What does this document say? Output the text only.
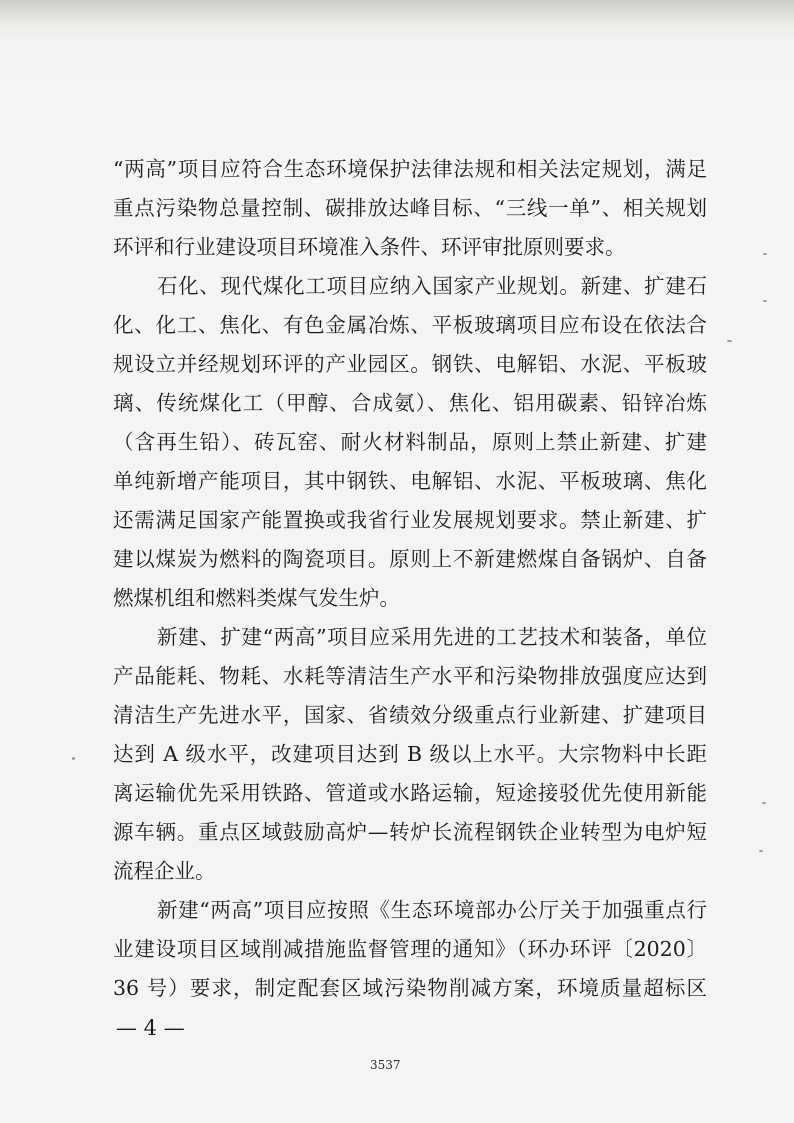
“两高”项目应符合生态环境保护法律法规和相关法定规划，满足
重点污染物总量控制、碳排放达峰目标、“三线一单”、相关规划
环评和行业建设项目环境准入条件、环评审批原则要求。
石化、现代煤化工项目应纳入国家产业规划。新建、扩建石
化、化工、焦化、有色金属冶炼、平板玻璃项目应布设在依法合
规设立并经规划环评的产业园区。钢铁、电解铝、水泥、平板玻
璃、传统煤化工（甲醇、合成氨）、焦化、铝用碳素、铅锌冶炼
（含再生铅）、砖瓦窑、耐火材料制品，原则上禁止新建、扩建
单纯新增产能项目，其中钢铁、电解铝、水泥、平板玻璃、焦化
还需满足国家产能置换或我省行业发展规划要求。禁止新建、扩
建以煤炭为燃料的陶瓷项目。原则上不新建燃煤自备锅炉、自备
燃煤机组和燃料类煤气发生炉。
新建、扩建“两高”项目应采用先进的工艺技术和装备，单位
产品能耗、物耗、水耗等清洁生产水平和污染物排放强度应达到
清洁生产先进水平，国家、省绩效分级重点行业新建、扩建项目
达到 A 级水平，改建项目达到 B 级以上水平。大宗物料中长距
离运输优先采用铁路、管道或水路运输，短途接驳优先使用新能
源车辆。重点区域鼓励高炉—转炉长流程钢铁企业转型为电炉短
流程企业。
新建“两高”项目应按照《生态环境部办公厅关于加强重点行
业建设项目区域削减措施监督管理的通知》（环办环评〔2020〕
36 号）要求，制定配套区域污染物削减方案，环境质量超标区
— 4 —
3537
